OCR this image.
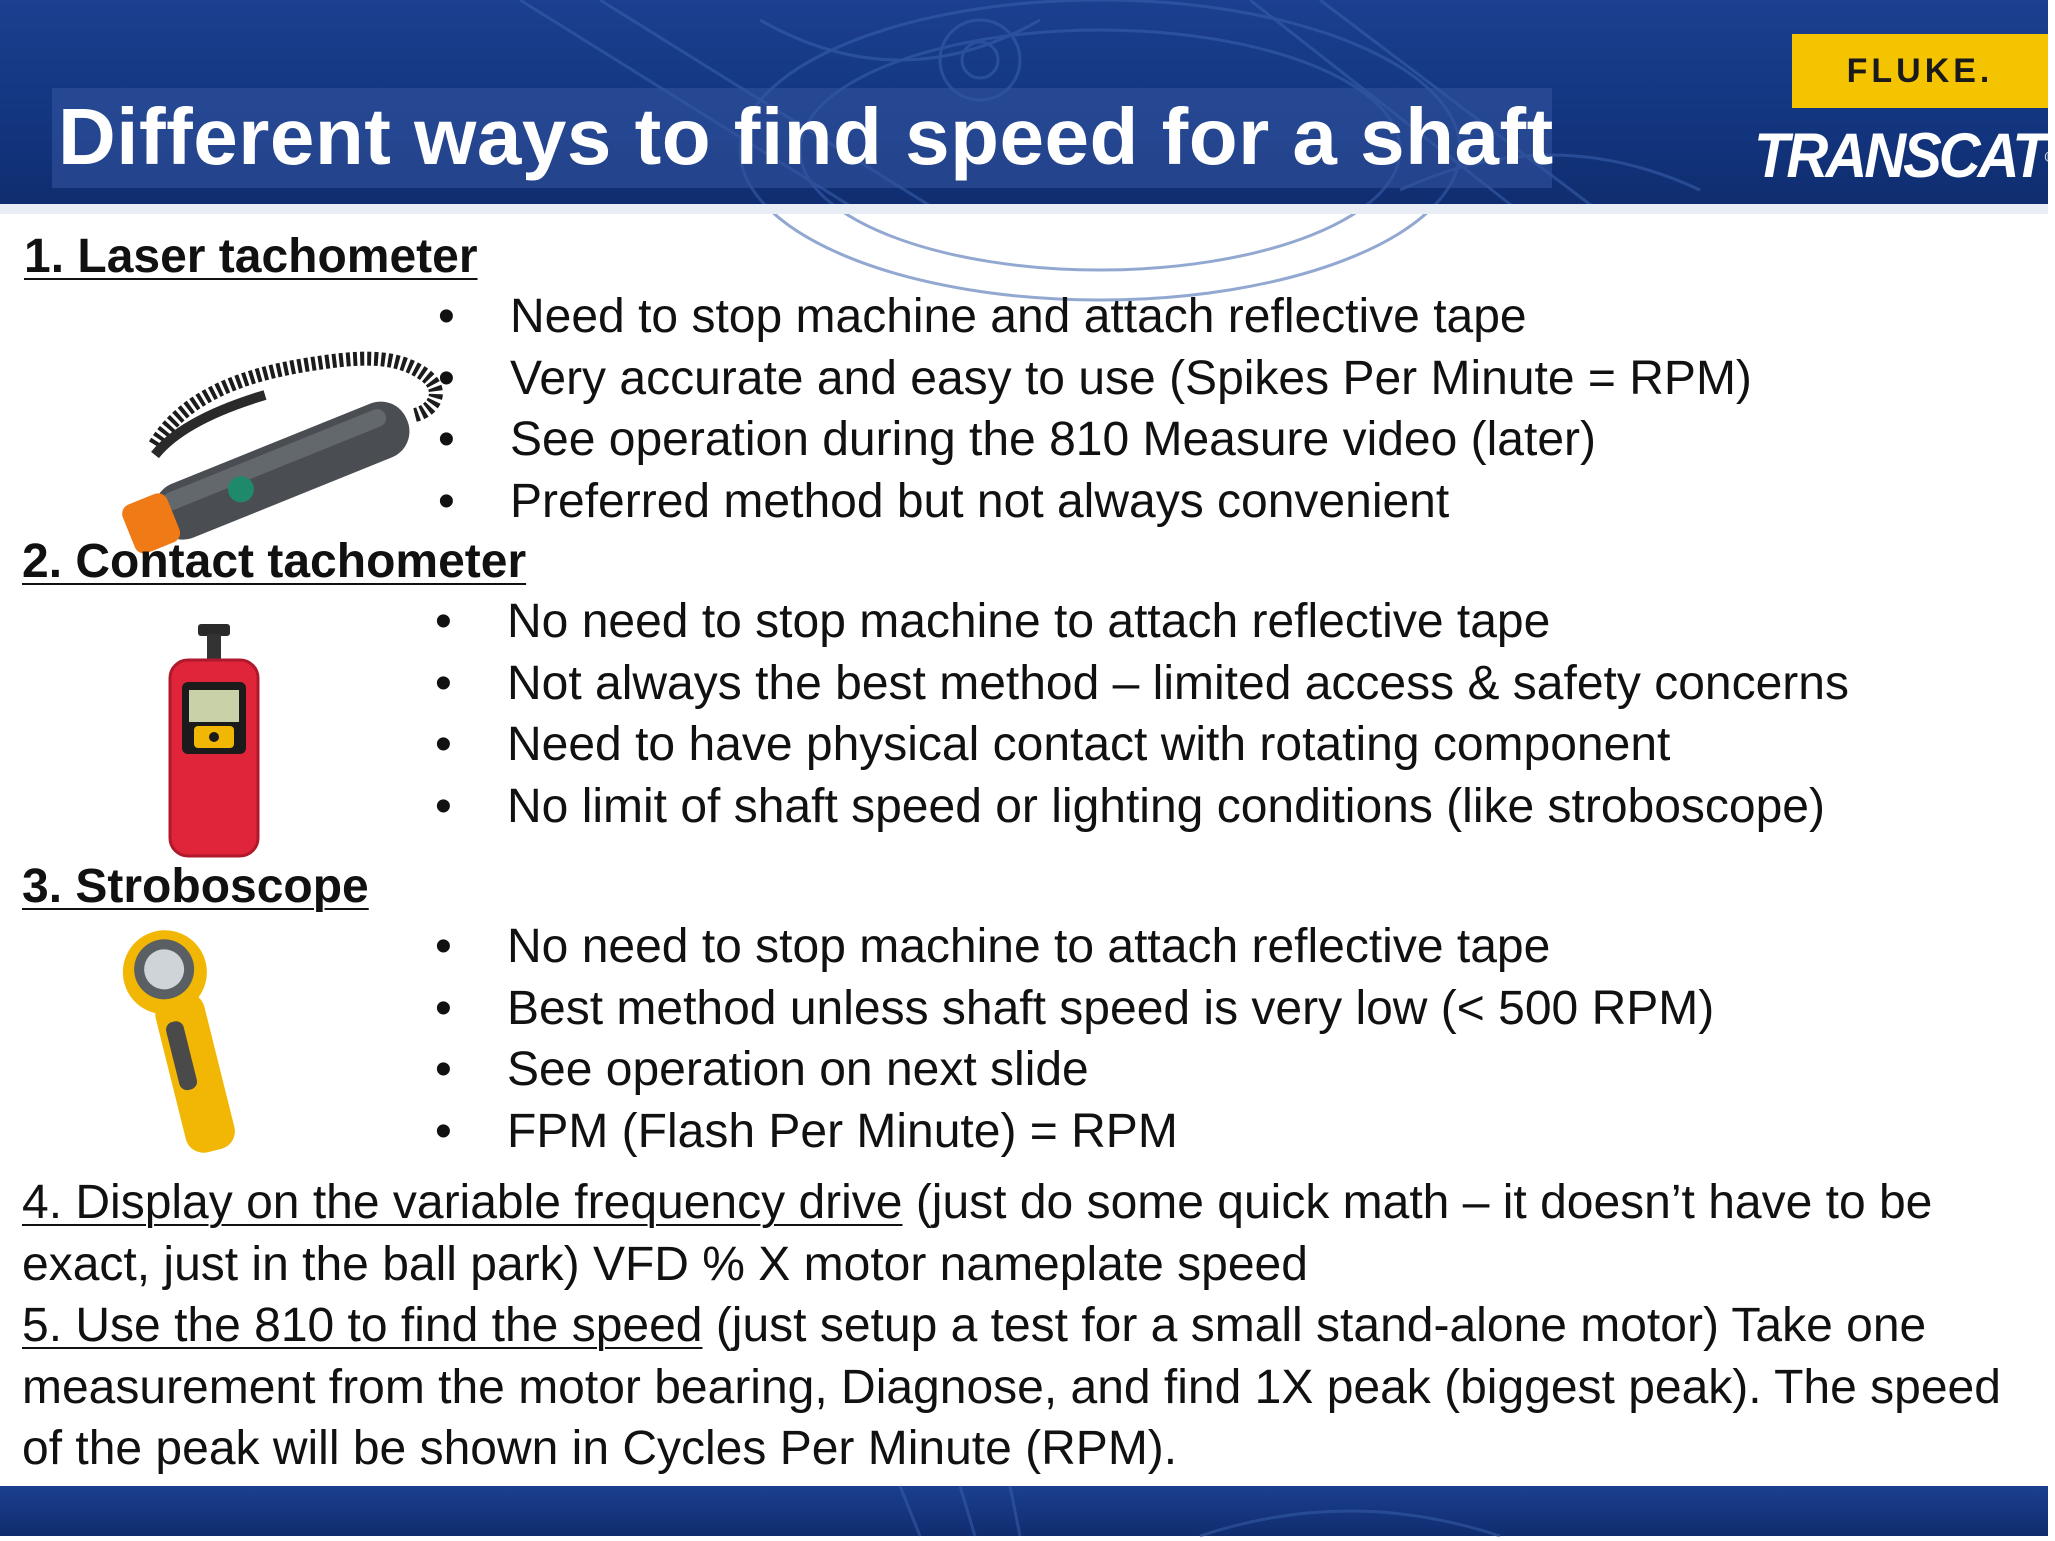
Different ways to find speed for a shaft
FLUKE.
TRANSCAT®
1. Laser tachometer
• Need to stop machine and attach reflective tape
• Very accurate and easy to use (Spikes Per Minute = RPM)
• See operation during the 810 Measure video (later)
• Preferred method but not always convenient
2. Contact tachometer
• No need to stop machine to attach reflective tape
• Not always the best method – limited access & safety concerns
• Need to have physical contact with rotating component
• No limit of shaft speed or lighting conditions (like stroboscope)
3. Stroboscope
• No need to stop machine to attach reflective tape
• Best method unless shaft speed is very low (< 500 RPM)
• See operation on next slide
• FPM (Flash Per Minute) = RPM

4. Display on the variable frequency drive (just do some quick math – it doesn’t have to be exact, just in the ball park) VFD % X motor nameplate speed

5. Use the 810 to find the speed (just setup a test for a small stand-alone motor) Take one measurement from the motor bearing, Diagnose, and find 1X peak (biggest peak). The speed of the peak will be shown in Cycles Per Minute (RPM).
